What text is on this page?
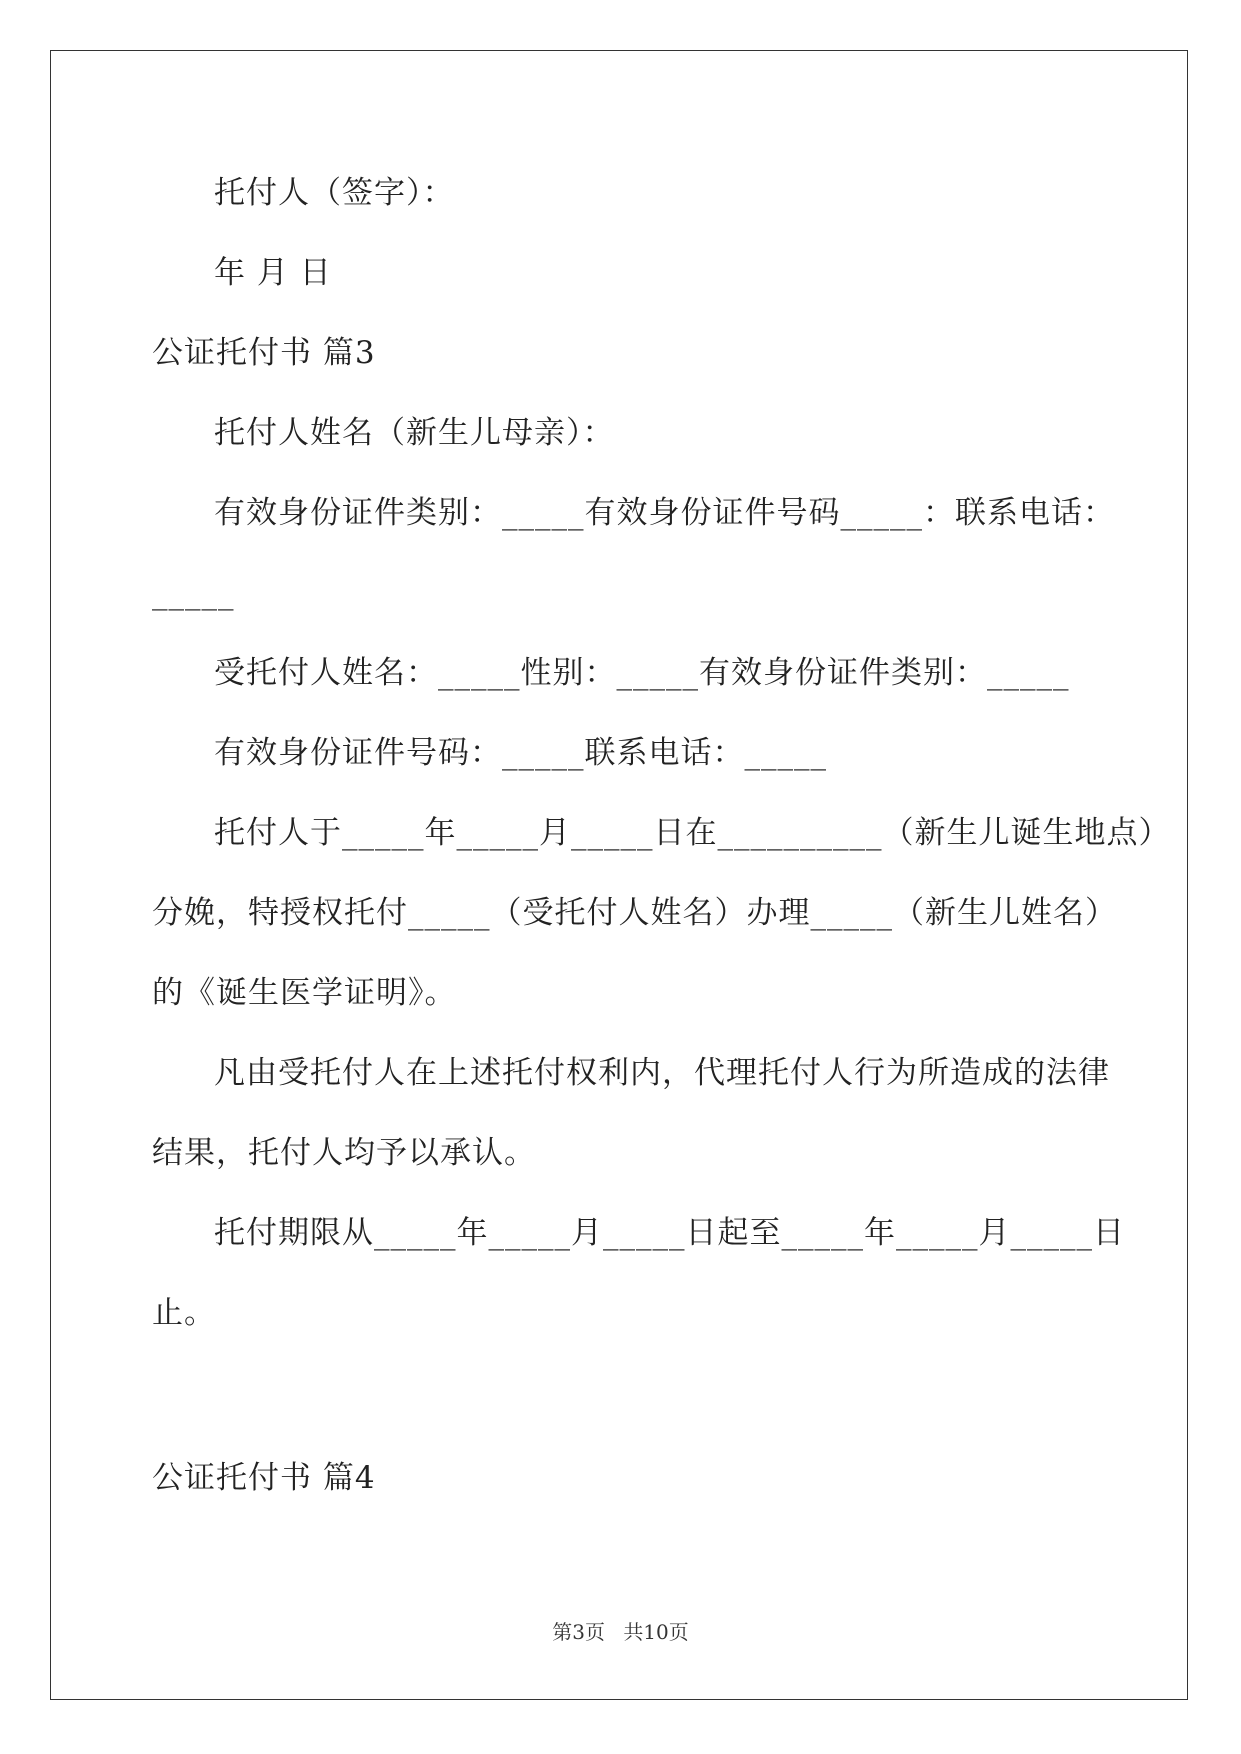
托付人（签字）：
年 月 日
公证托付书 篇3
托付人姓名（新生儿母亲）：
有效身份证件类别：_____有效身份证件号码_____：联系电话：
_____
受托付人姓名：_____性别：_____有效身份证件类别：_____
有效身份证件号码：_____联系电话：_____
托付人于_____年_____月_____日在__________（新生儿诞生地点）
分娩，特授权托付_____（受托付人姓名）办理_____（新生儿姓名）
的《诞生医学证明》。
凡由受托付人在上述托付权利内，代理托付人行为所造成的法律
结果，托付人均予以承认。
托付期限从_____年_____月_____日起至_____年_____月_____日
止。
公证托付书 篇4
第3页 共10页
